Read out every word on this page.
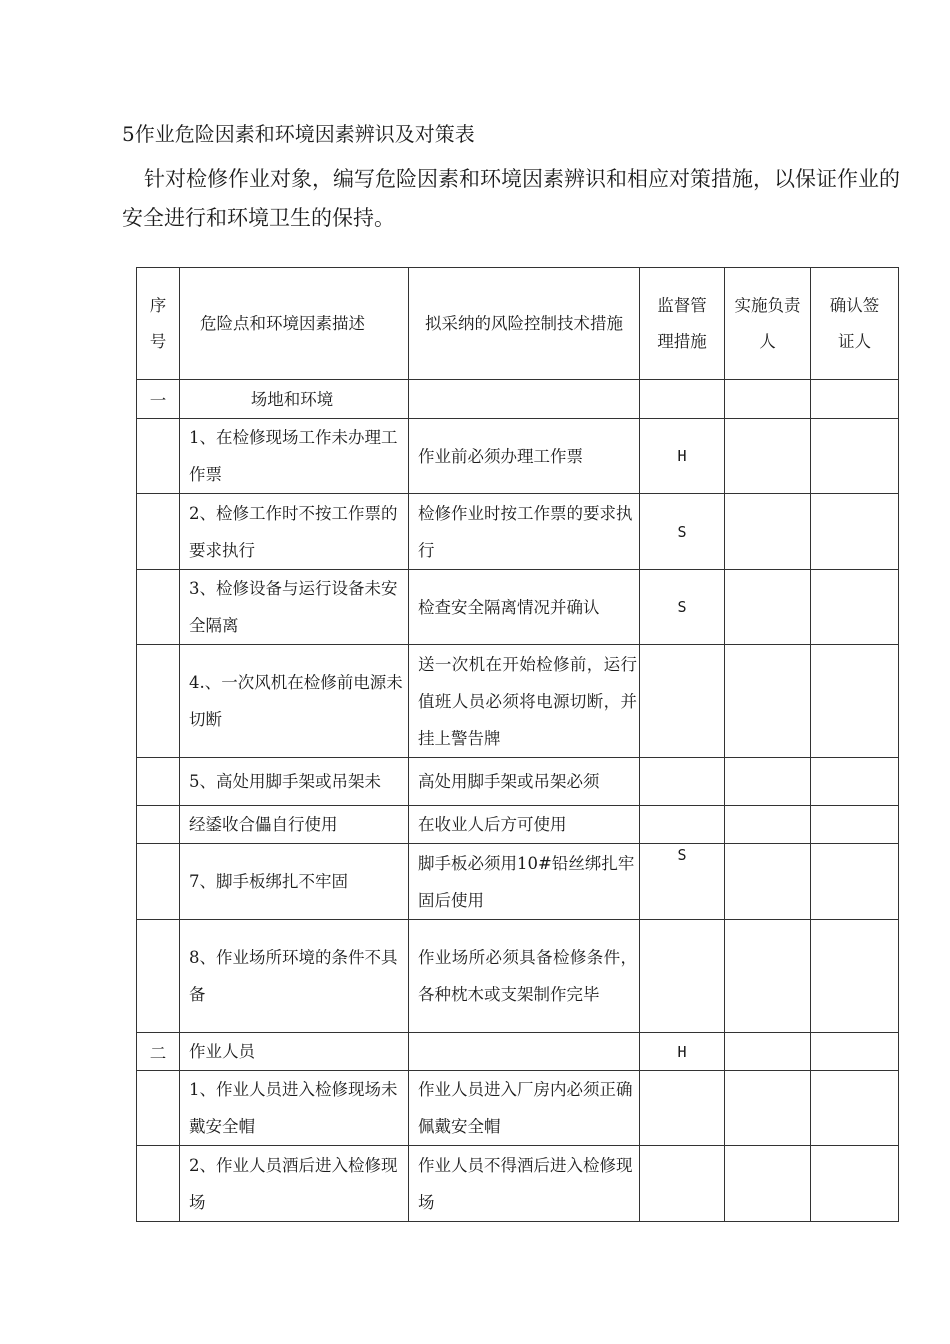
5作业危险因素和环境因素辨识及对策表
针对检修作业对象，编写危险因素和环境因素辨识和相应对策措施，以保证作业的安全进行和环境卫生的保持。
序号	危险点和环境因素描述	拟采纳的风险控制技术措施	监督管理措施	实施负责人	确认签证人
一	场地和环境				
	1、在检修现场工作未办理工作票	作业前必须办理工作票	H		
	2、检修工作时不按工作票的要求执行	检修作业时按工作票的要求执行	S		
	3、检修设备与运行设备未安全隔离	检查安全隔离情况并确认	S		
	4.、一次风机在检修前电源未切断	送一次机在开始检修前，运行值班人员必须将电源切断，并挂上警告牌			
	5、高处用脚手架或吊架未	高处用脚手架或吊架必须			
	经鋈收合儡自行使用	在收业人后方可使用			
	7、脚手板绑扎不牢固	脚手板必须用10#铅丝绑扎牢固后使用	S		
	8、作业场所环境的条件不具备	作业场所必须具备检修条件，各种枕木或支架制作完毕			
二	作业人员		H		
	1、作业人员进入检修现场未戴安全帽	作业人员进入厂房内必须正确佩戴安全帽			
	2、作业人员酒后进入检修现场	作业人员不得酒后进入检修现场			
